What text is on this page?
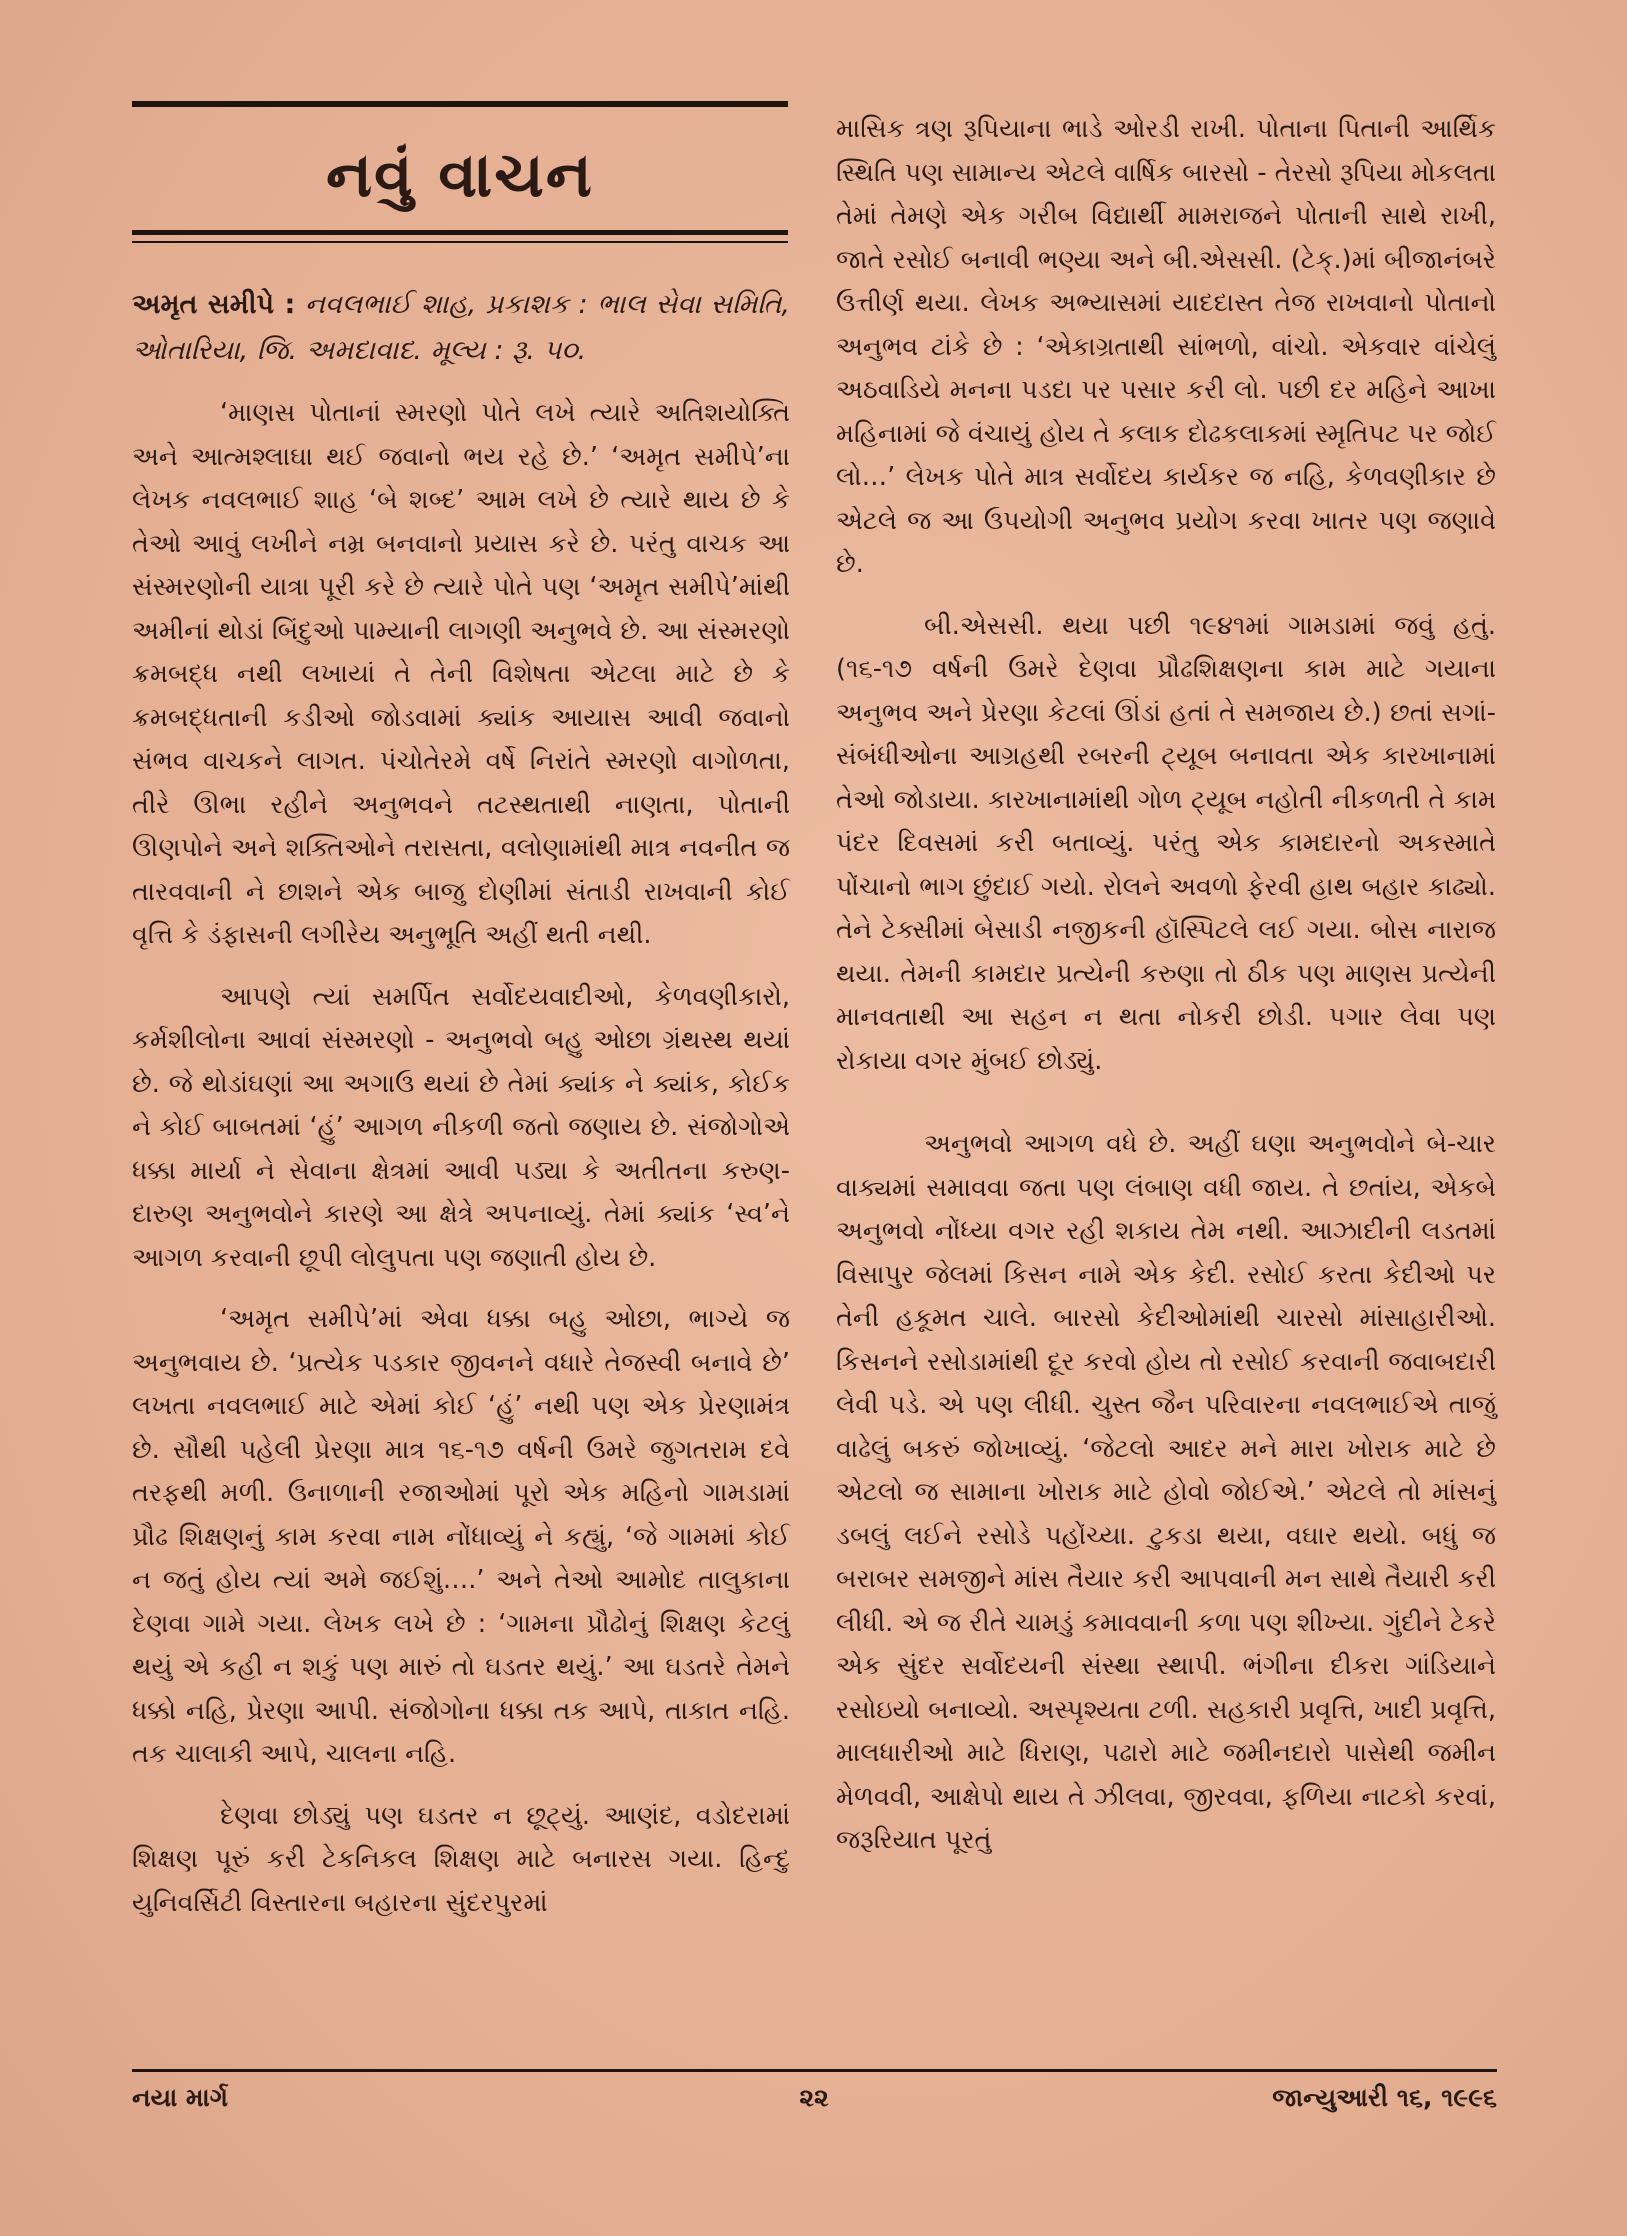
નવું વાચન

અમૃત સમીપે : નવલભાઈ શાહ, પ્રકાશક : ભાલ સેવા સમિતિ, ઓતારિયા, જિ. અમદાવાદ. મૂલ્ય : રૂ. ૫૦.

‘માણસ પોતાનાં સ્મરણો પોતે લખે ત્યારે અતિશયોક્તિ અને આત્મશ્લાઘા થઈ જવાનો ભય રહે છે.’ ‘અમૃત સમીપે’ના લેખક નવલભાઈ શાહ ‘બે શબ્દ’ આમ લખે છે ત્યારે થાય છે કે તેઓ આવું લખીને નમ્ર બનવાનો પ્રયાસ કરે છે. પરંતુ વાચક આ સંસ્મરણોની યાત્રા પૂરી કરે છે ત્યારે પોતે પણ ‘અમૃત સમીપે’માંથી અમીનાં થોડાં બિંદુઓ પામ્યાની લાગણી અનુભવે છે. આ સંસ્મરણો ક્રમબદ્ધ નથી લખાયાં તે તેની વિશેષતા એટલા માટે છે કે ક્રમબદ્ધતાની કડીઓ જોડવામાં ક્યાંક આયાસ આવી જવાનો સંભવ વાચકને લાગત. પંચોતેરમે વર્ષે નિરાંતે સ્મરણો વાગોળતા, તીરે ઊભા રહીને અનુભવને તટસ્થતાથી નાણતા, પોતાની ઊણપોને અને શક્તિઓને તરાસતા, વલોણામાંથી માત્ર નવનીત જ તારવવાની ને છાશને એક બાજુ દોણીમાં સંતાડી રાખવાની કોઈ વૃત્તિ કે ડંફાસની લગીરેય અનુભૂતિ અહીં થતી નથી.

આપણે ત્યાં સમર્પિત સર્વોદયવાદીઓ, કેળવણીકારો, કર્મશીલોના આવાં સંસ્મરણો - અનુભવો બહુ ઓછા ગ્રંથસ્થ થયાં છે. જે થોડાંઘણાં આ અગાઉ થયાં છે તેમાં ક્યાંક ને ક્યાંક, કોઈક ને કોઈ બાબતમાં ‘હું’ આગળ નીકળી જતો જણાય છે. સંજોગોએ ધક્કા માર્યા ને સેવાના ક્ષેત્રમાં આવી પડ્યા કે અતીતના કરુણ-દારુણ અનુભવોને કારણે આ ક્ષેત્રે અપનાવ્યું. તેમાં ક્યાંક ‘સ્વ’ને આગળ કરવાની છૂપી લોલુપતા પણ જણાતી હોય છે.

‘અમૃત સમીપે’માં એવા ધક્કા બહુ ઓછા, ભાગ્યે જ અનુભવાય છે. ‘પ્રત્યેક પડકાર જીવનને વધારે તેજસ્વી બનાવે છે’ લખતા નવલભાઈ માટે એમાં કોઈ ‘હું’ નથી પણ એક પ્રેરણામંત્ર છે. સૌથી પહેલી પ્રેરણા માત્ર ૧૬-૧૭ વર્ષની ઉમરે જુગતરામ દવે તરફથી મળી. ઉનાળાની રજાઓમાં પૂરો એક મહિનો ગામડામાં પ્રૌઢ શિક્ષણનું કામ કરવા નામ નોંધાવ્યું ને કહ્યું, ‘જે ગામમાં કોઈ ન જતું હોય ત્યાં અમે જઈશું….’ અને તેઓ આમોદ તાલુકાના દેણવા ગામે ગયા. લેખક લખે છે : ‘ગામના પ્રૌઢોનું શિક્ષણ કેટલું થયું એ કહી ન શકું પણ મારું તો ઘડતર થયું.’ આ ઘડતરે તેમને ધક્કો નહિ, પ્રેરણા આપી. સંજોગોના ધક્કા તક આપે, તાકાત નહિ. તક ચાલાકી આપે, ચાલના નહિ.

દેણવા છોડ્યું પણ ઘડતર ન છૂટ્યું. આણંદ, વડોદરામાં શિક્ષણ પૂરું કરી ટેકનિકલ શિક્ષણ માટે બનારસ ગયા. હિન્દુ યુનિવર્સિટી વિસ્તારના બહારના સુંદરપુરમાં

માસિક ત્રણ રૂપિયાના ભાડે ઓરડી રાખી. પોતાના પિતાની આર્થિક સ્થિતિ પણ સામાન્ય એટલે વાર્ષિક બારસો - તેરસો રૂપિયા મોકલતા તેમાં તેમણે એક ગરીબ વિદ્યાર્થી મામરાજને પોતાની સાથે રાખી, જાતે રસોઈ બનાવી ભણ્યા અને બી.એસસી. (ટેક્.)માં બીજાનંબરે ઉત્તીર્ણ થયા. લેખક અભ્યાસમાં યાદદાસ્ત તેજ રાખવાનો પોતાનો અનુભવ ટાંકે છે : ‘એકાગ્રતાથી સાંભળો, વાંચો. એકવાર વાંચેલું અઠવાડિયે મનના પડદા પર પસાર કરી લો. પછી દર મહિને આખા મહિનામાં જે વંચાયું હોય તે કલાક દોઢકલાકમાં સ્મૃતિપટ પર જોઈ લો…’ લેખક પોતે માત્ર સર્વોદય કાર્યકર જ નહિ, કેળવણીકાર છે એટલે જ આ ઉપયોગી અનુભવ પ્રયોગ કરવા ખાતર પણ જણાવે છે.

બી.એસસી. થયા પછી ૧૯૪૧માં ગામડામાં જવું હતું. (૧૬-૧૭ વર્ષની ઉમરે દેણવા પ્રૌઢશિક્ષણના કામ માટે ગયાના અનુભવ અને પ્રેરણા કેટલાં ઊંડાં હતાં તે સમજાય છે.) છતાં સગાં-સંબંધીઓના આગ્રહથી રબરની ટ્યૂબ બનાવતા એક કારખાનામાં તેઓ જોડાયા. કારખાનામાંથી ગોળ ટ્યૂબ નહોતી નીકળતી તે કામ પંદર દિવસમાં કરી બતાવ્યું. પરંતુ એક કામદારનો અકસ્માતે પોંચાનો ભાગ છુંદાઈ ગયો. રોલને અવળો ફેરવી હાથ બહાર કાઢ્યો. તેને ટેક્સીમાં બેસાડી નજીકની હૉસ્પિટલે લઈ ગયા. બોસ નારાજ થયા. તેમની કામદાર પ્રત્યેની કરુણા તો ઠીક પણ માણસ પ્રત્યેની માનવતાથી આ સહન ન થતા નોકરી છોડી. પગાર લેવા પણ રોકાયા વગર મુંબઈ છોડ્યું.

અનુભવો આગળ વધે છે. અહીં ઘણા અનુભવોને બે-ચાર વાક્યમાં સમાવવા જતા પણ લંબાણ વધી જાય. તે છતાંય, એકબે અનુભવો નોંધ્યા વગર રહી શકાય તેમ નથી. આઝાદીની લડતમાં વિસાપુર જેલમાં કિસન નામે એક કેદી. રસોઈ કરતા કેદીઓ પર તેની હકૂમત ચાલે. બારસો કેદીઓમાંથી ચારસો માંસાહારીઓ. કિસનને રસોડામાંથી દૂર કરવો હોય તો રસોઈ કરવાની જવાબદારી લેવી પડે. એ પણ લીધી. ચુસ્ત જૈન પરિવારના નવલભાઈએ તાજું વાઢેલું બકરું જોખાવ્યું. ‘જેટલો આદર મને મારા ખોરાક માટે છે એટલો જ સામાના ખોરાક માટે હોવો જોઈએ.’ એટલે તો માંસનું ડબલું લઈને રસોડે પહોંચ્યા. ટુકડા થયા, વઘાર થયો. બધું જ બરાબર સમજીને માંસ તૈયાર કરી આપવાની મન સાથે તૈયારી કરી લીધી. એ જ રીતે ચામડું કમાવવાની કળા પણ શીખ્યા. ગુંદીને ટેકરે એક સુંદર સર્વોદયની સંસ્થા સ્થાપી. ભંગીના દીકરા ગાંડિયાને રસોઇયો બનાવ્યો. અસ્પૃશ્યતા ટળી. સહકારી પ્રવૃત્તિ, ખાદી પ્રવૃત્તિ, માલધારીઓ માટે ધિરાણ, પઢારો માટે જમીનદારો પાસેથી જમીન મેળવવી, આક્ષેપો થાય તે ઝીલવા, જીરવવા, ફળિયા નાટકો કરવાં, જરૂરિયાત પૂરતું

નયા માર્ગ	૨૨	જાન્યુઆરી ૧૬, ૧૯૯૬
